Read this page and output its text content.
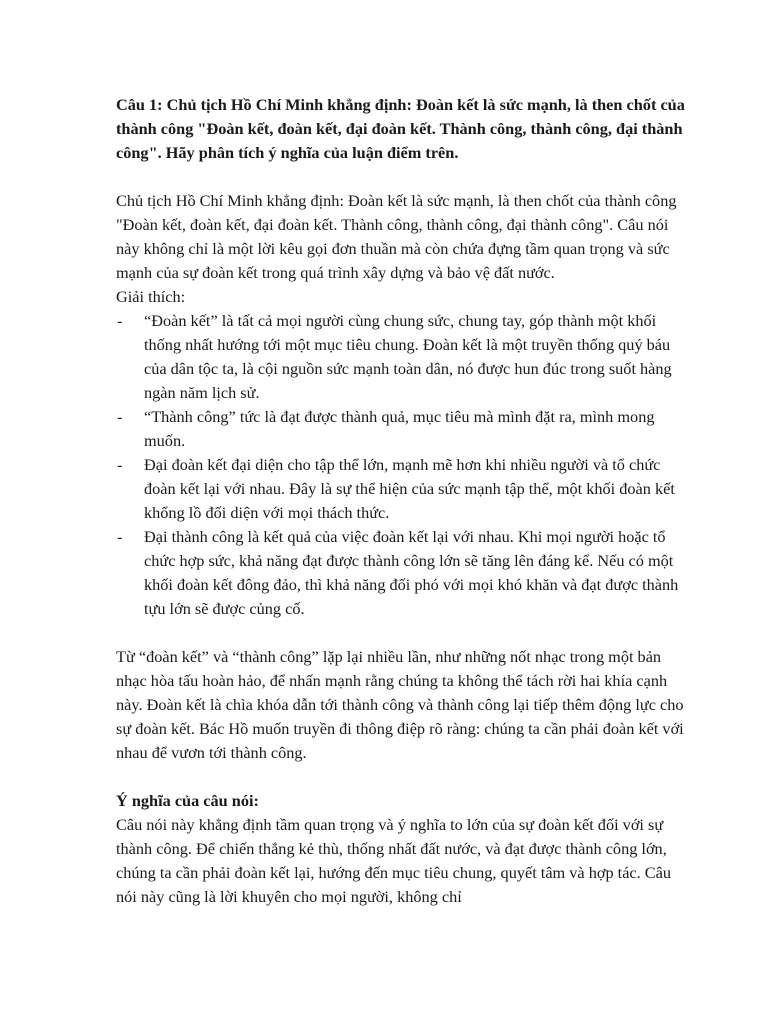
Câu 1: Chủ tịch Hồ Chí Minh khẳng định: Đoàn kết là sức mạnh, là then chốt của thành công "Đoàn kết, đoàn kết, đại đoàn kết. Thành công, thành công, đại thành công". Hãy phân tích ý nghĩa của luận điểm trên.

Chủ tịch Hồ Chí Minh khẳng định: Đoàn kết là sức mạnh, là then chốt của thành công "Đoàn kết, đoàn kết, đại đoàn kết. Thành công, thành công, đại thành công". Câu nói này không chỉ là một lời kêu gọi đơn thuần mà còn chứa đựng tầm quan trọng và sức mạnh của sự đoàn kết trong quá trình xây dựng và bảo vệ đất nước.

Giải thích:

- “Đoàn kết” là tất cả mọi người cùng chung sức, chung tay, góp thành một khối thống nhất hướng tới một mục tiêu chung. Đoàn kết là một truyền thống quý báu của dân tộc ta, là cội nguồn sức mạnh toàn dân, nó được hun đúc trong suốt hàng ngàn năm lịch sử.
- “Thành công” tức là đạt được thành quả, mục tiêu mà mình đặt ra, mình mong muốn.
- Đại đoàn kết đại diện cho tập thể lớn, mạnh mẽ hơn khi nhiều người và tổ chức đoàn kết lại với nhau. Đây là sự thể hiện của sức mạnh tập thể, một khối đoàn kết khổng lồ đối diện với mọi thách thức.
- Đại thành công là kết quả của việc đoàn kết lại với nhau. Khi mọi người hoặc tổ chức hợp sức, khả năng đạt được thành công lớn sẽ tăng lên đáng kể. Nếu có một khối đoàn kết đông đảo, thì khả năng đối phó với mọi khó khăn và đạt được thành tựu lớn sẽ được củng cố.

Từ “đoàn kết” và “thành công” lặp lại nhiều lần, như những nốt nhạc trong một bản nhạc hòa tấu hoàn hảo, để nhấn mạnh rằng chúng ta không thể tách rời hai khía cạnh này. Đoàn kết là chìa khóa dẫn tới thành công và thành công lại tiếp thêm động lực cho sự đoàn kết. Bác Hồ muốn truyền đi thông điệp rõ ràng: chúng ta cần phải đoàn kết với nhau để vươn tới thành công.

Ý nghĩa của câu nói:

Câu nói này khẳng định tầm quan trọng và ý nghĩa to lớn của sự đoàn kết đối với sự thành công. Để chiến thắng kẻ thù, thống nhất đất nước, và đạt được thành công lớn, chúng ta cần phải đoàn kết lại, hướng đến mục tiêu chung, quyết tâm và hợp tác. Câu nói này cũng là lời khuyên cho mọi người, không chỉ
